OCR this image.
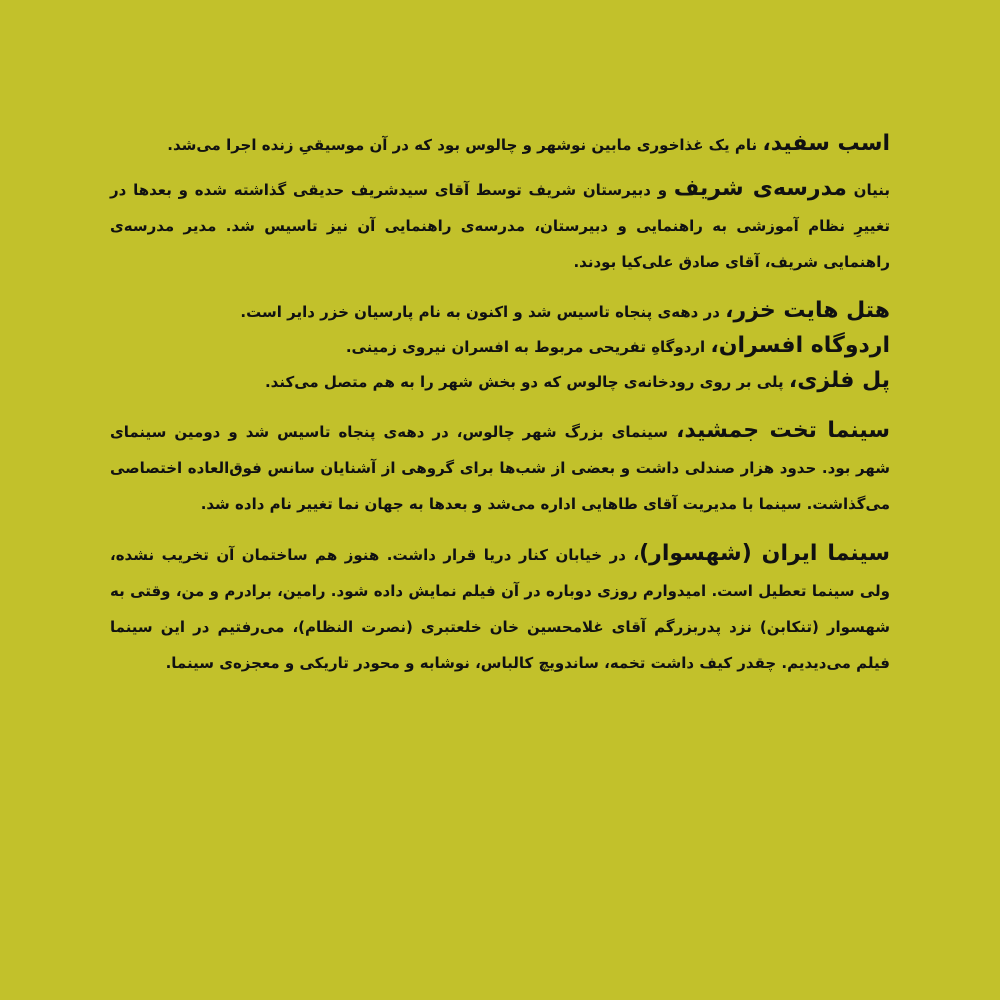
اسب سفید، نام یک غذاخوری مابین نوشهر و چالوس بود که در آن موسیقیِ زنده اجرا می‌شد.

بنیان مدرسه‌ی شریف و دبیرستان شریف توسط آقای سیدشریف حدیقی گذاشته شده و بعدها در تغییرِ نظام آموزشی به راهنمایی و دبیرستان، مدرسه‌ی راهنمایی آن نیز تاسیس شد. مدیر مدرسه‌ی راهنمایی شریف، آقای صادق علی‌کیا بودند.

هتل هایت خزر، در دهه‌ی پنجاه تاسیس شد و اکنون به نام پارسیان خزر دایر است.

اردوگاه افسران، اردوگاهِ تفریحی مربوط به افسران نیروی زمینی.

پل فلزی، پلی بر روی رودخانه‌ی چالوس که دو بخش شهر را به هم متصل می‌کند.

سینما تخت جمشید، سینمای بزرگ شهر چالوس، در دهه‌ی پنجاه تاسیس شد و دومین سینمای شهر بود. حدود هزار صندلی داشت و بعضی از شب‌ها برای گروهی از آشنایان سانس فوق‌العاده اختصاصی می‌گذاشت. سینما با مدیریت آقای طاهایی اداره می‌شد و بعدها به جهان نما تغییر نام داده شد.

سینما ایران (شهسوار)، در خیابان کنار دریا قرار داشت. هنوز هم ساختمان آن تخریب نشده، ولی سینما تعطیل است. امیدوارم روزی دوباره در آن فیلم نمایش داده شود. رامین، برادرم و من، وقتی به شهسوار (تنکابن) نزد پدربزرگم آقای غلامحسین خان خلعتبری (نصرت النظام)، می‌رفتیم در این سینما فیلم می‌دیدیم. چقدر کیف داشت تخمه، ساندویچ کالباس، نوشابه و محودر تاریکی و معجزه‌ی سینما.
